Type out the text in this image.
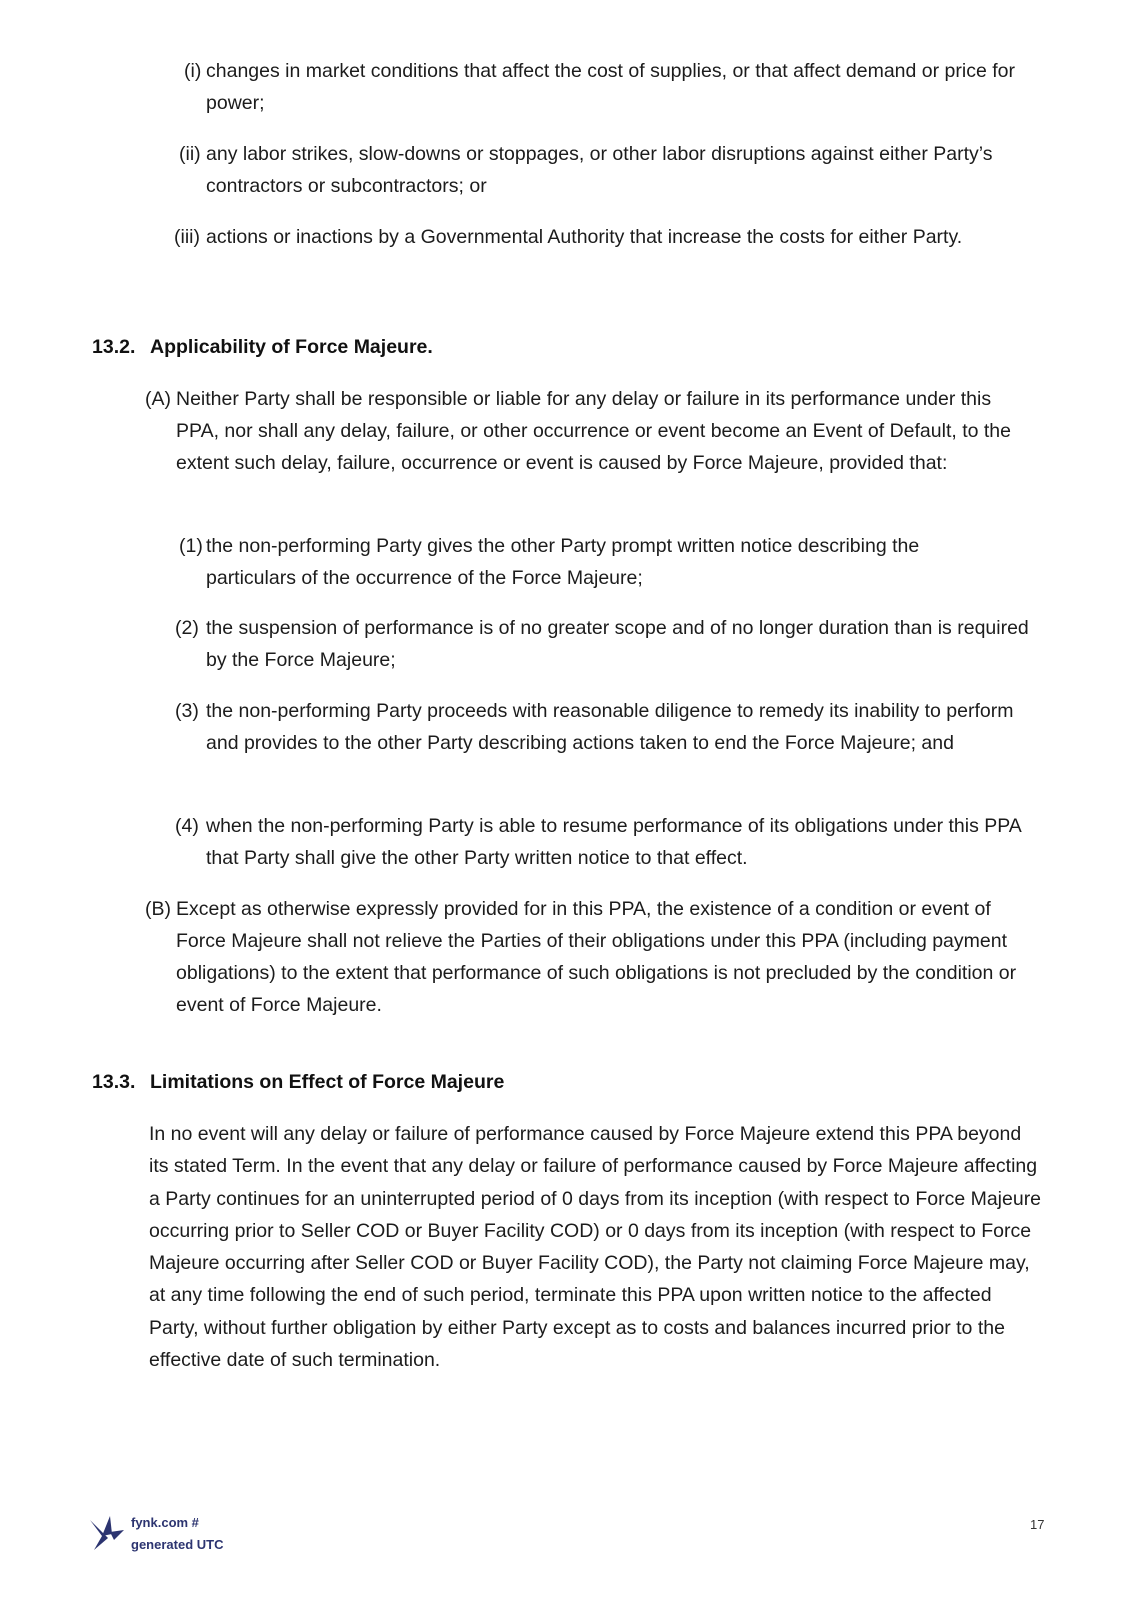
(i) changes in market conditions that affect the cost of supplies, or that affect demand or price for power;
(ii) any labor strikes, slow-downs or stoppages, or other labor disruptions against either Party’s contractors or subcontractors; or
(iii) actions or inactions by a Governmental Authority that increase the costs for either Party.
13.2. Applicability of Force Majeure.
(A) Neither Party shall be responsible or liable for any delay or failure in its performance under this PPA, nor shall any delay, failure, or other occurrence or event become an Event of Default, to the extent such delay, failure, occurrence or event is caused by Force Majeure, provided that:
(1) the non-performing Party gives the other Party prompt written notice describing the particulars of the occurrence of the Force Majeure;
(2) the suspension of performance is of no greater scope and of no longer duration than is required by the Force Majeure;
(3) the non-performing Party proceeds with reasonable diligence to remedy its inability to perform and provides to the other Party describing actions taken to end the Force Majeure; and
(4) when the non-performing Party is able to resume performance of its obligations under this PPA that Party shall give the other Party written notice to that effect.
(B) Except as otherwise expressly provided for in this PPA, the existence of a condition or event of Force Majeure shall not relieve the Parties of their obligations under this PPA (including payment obligations) to the extent that performance of such obligations is not precluded by the condition or event of Force Majeure.
13.3. Limitations on Effect of Force Majeure
In no event will any delay or failure of performance caused by Force Majeure extend this PPA beyond its stated Term. In the event that any delay or failure of performance caused by Force Majeure affecting a Party continues for an uninterrupted period of 0 days from its inception (with respect to Force Majeure occurring prior to Seller COD or Buyer Facility COD) or 0 days from its inception (with respect to Force Majeure occurring after Seller COD or Buyer Facility COD), the Party not claiming Force Majeure may, at any time following the end of such period, terminate this PPA upon written notice to the affected Party, without further obligation by either Party except as to costs and balances incurred prior to the effective date of such termination.
fynk.com #
generated UTC
17
